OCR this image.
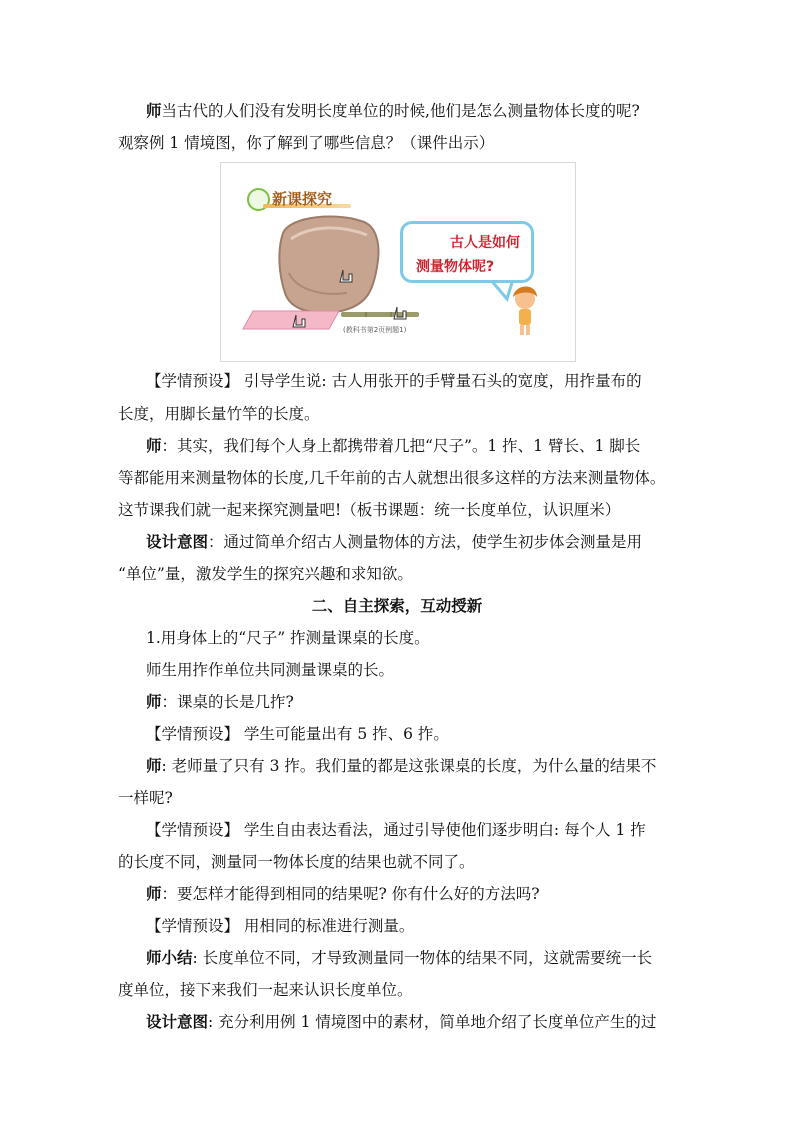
师当古代的人们没有发明长度单位的时候,他们是怎么测量物体长度的呢?
观察例 1 情境图，你了解到了哪些信息？（课件出示）
新课探究
古人是如何
测量物体呢?
(教科书第2页例题1)
【学情预设】 引导学生说: 古人用张开的手臂量石头的宽度，用拃量布的
长度，用脚长量竹竿的长度。
师：其实，我们每个人身上都携带着几把“尺子”。1 拃、1 臂长、1 脚长
等都能用来测量物体的长度,几千年前的古人就想出很多这样的方法来测量物体。
这节课我们就一起来探究测量吧!（板书课题：统一长度单位，认识厘米）
设计意图：通过简单介绍古人测量物体的方法，使学生初步体会测量是用
“单位”量，激发学生的探究兴趣和求知欲。
二、自主探索，互动授新
1.用身体上的“尺子” 拃测量课桌的长度。
师生用拃作单位共同测量课桌的长。
师：课桌的长是几拃?
【学情预设】 学生可能量出有 5 拃、6 拃。
师: 老师量了只有 3 拃。我们量的都是这张课桌的长度，为什么量的结果不
一样呢?
【学情预设】 学生自由表达看法，通过引导使他们逐步明白: 每个人 1 拃
的长度不同，测量同一物体长度的结果也就不同了。
师：要怎样才能得到相同的结果呢? 你有什么好的方法吗?
【学情预设】 用相同的标准进行测量。
师小结: 长度单位不同，才导致测量同一物体的结果不同，这就需要统一长
度单位，接下来我们一起来认识长度单位。
设计意图: 充分利用例 1 情境图中的素材，简单地介绍了长度单位产生的过
